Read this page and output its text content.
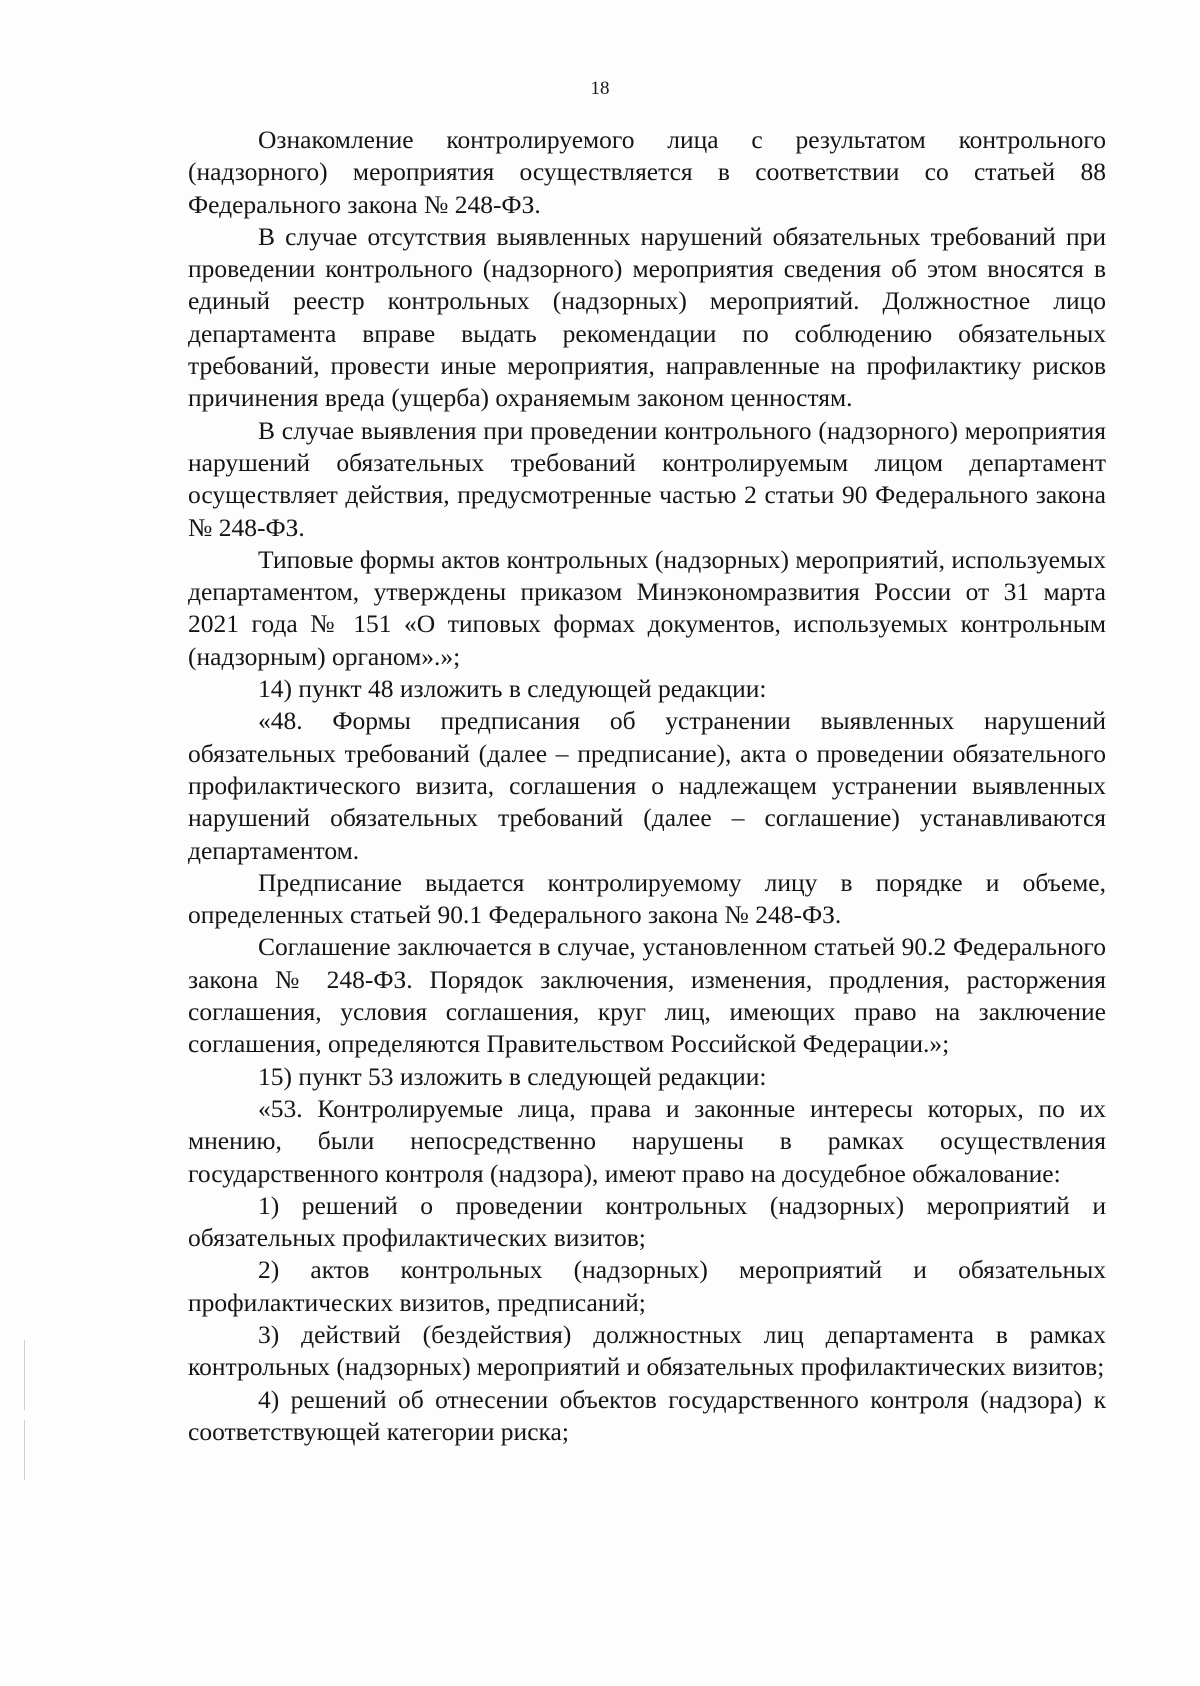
18

Ознакомление контролируемого лица с результатом контрольного (надзорного) мероприятия осуществляется в соответствии со статьей 88 Федерального закона № 248-ФЗ.

В случае отсутствия выявленных нарушений обязательных требований при проведении контрольного (надзорного) мероприятия сведения об этом вносятся в единый реестр контрольных (надзорных) мероприятий. Должностное лицо департамента вправе выдать рекомендации по соблюдению обязательных требований, провести иные мероприятия, направленные на профилактику рисков причинения вреда (ущерба) охраняемым законом ценностям.

В случае выявления при проведении контрольного (надзорного) мероприятия нарушений обязательных требований контролируемым лицом департамент осуществляет действия, предусмотренные частью 2 статьи 90 Федерального закона № 248-ФЗ.

Типовые формы актов контрольных (надзорных) мероприятий, используемых департаментом, утверждены приказом Минэкономразвития России от 31 марта 2021 года № 151 «О типовых формах документов, используемых контрольным (надзорным) органом».»;

14) пункт 48 изложить в следующей редакции:

«48. Формы предписания об устранении выявленных нарушений обязательных требований (далее – предписание), акта о проведении обязательного профилактического визита, соглашения о надлежащем устранении выявленных нарушений обязательных требований (далее – соглашение) устанавливаются департаментом.

Предписание выдается контролируемому лицу в порядке и объеме, определенных статьей 90.1 Федерального закона № 248-ФЗ.

Соглашение заключается в случае, установленном статьей 90.2 Федерального закона № 248-ФЗ. Порядок заключения, изменения, продления, расторжения соглашения, условия соглашения, круг лиц, имеющих право на заключение соглашения, определяются Правительством Российской Федерации.»;

15) пункт 53 изложить в следующей редакции:

«53. Контролируемые лица, права и законные интересы которых, по их мнению, были непосредственно нарушены в рамках осуществления государственного контроля (надзора), имеют право на досудебное обжалование:

1) решений о проведении контрольных (надзорных) мероприятий и обязательных профилактических визитов;

2) актов контрольных (надзорных) мероприятий и обязательных профилактических визитов, предписаний;

3) действий (бездействия) должностных лиц департамента в рамках контрольных (надзорных) мероприятий и обязательных профилактических визитов;

4) решений об отнесении объектов государственного контроля (надзора) к соответствующей категории риска;
